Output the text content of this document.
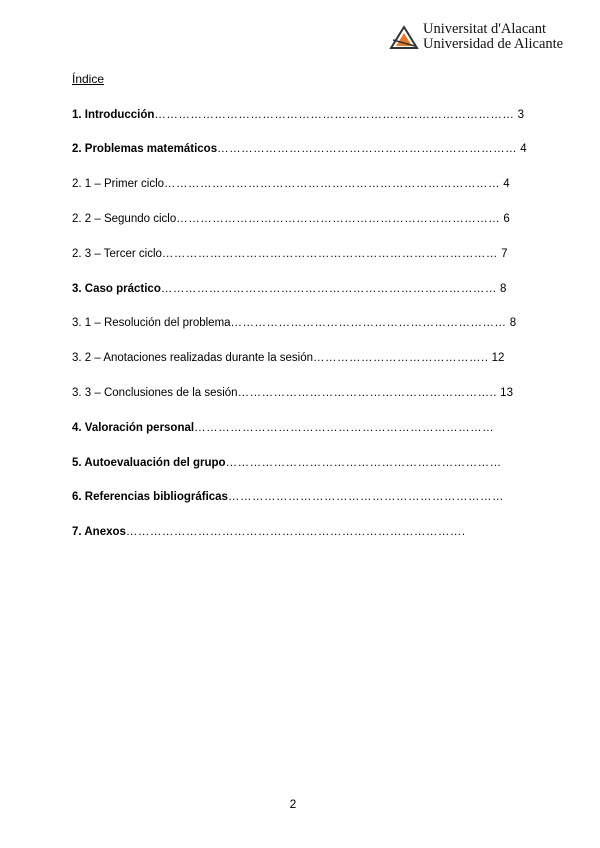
Universitat d'Alacant
Universidad de Alicante
Índice
1. Introducción……………………………………………………………………………… 3
2. Problemas matemáticos………………………………………………………………… 4
2. 1 – Primer ciclo………………………………………………………………………… 4
2. 2 – Segundo ciclo……………………………………………………………………… 6
2. 3 – Tercer ciclo………………………………………………………………………… 7
3. Caso práctico………………………………………………………………………… 8
3. 1 – Resolución del problema…………………………………………………………… 8
3. 2 – Anotaciones realizadas durante la sesión…………………………………….. 12
3. 3 – Conclusiones de la sesión……………………………………………………….. 13
4. Valoración personal…………………………………………………………………
5. Autoevaluación del grupo……………………………………………………………
6. Referencias bibliográficas……………………………………………………………
7. Anexos………………………………………………………………………….
2
